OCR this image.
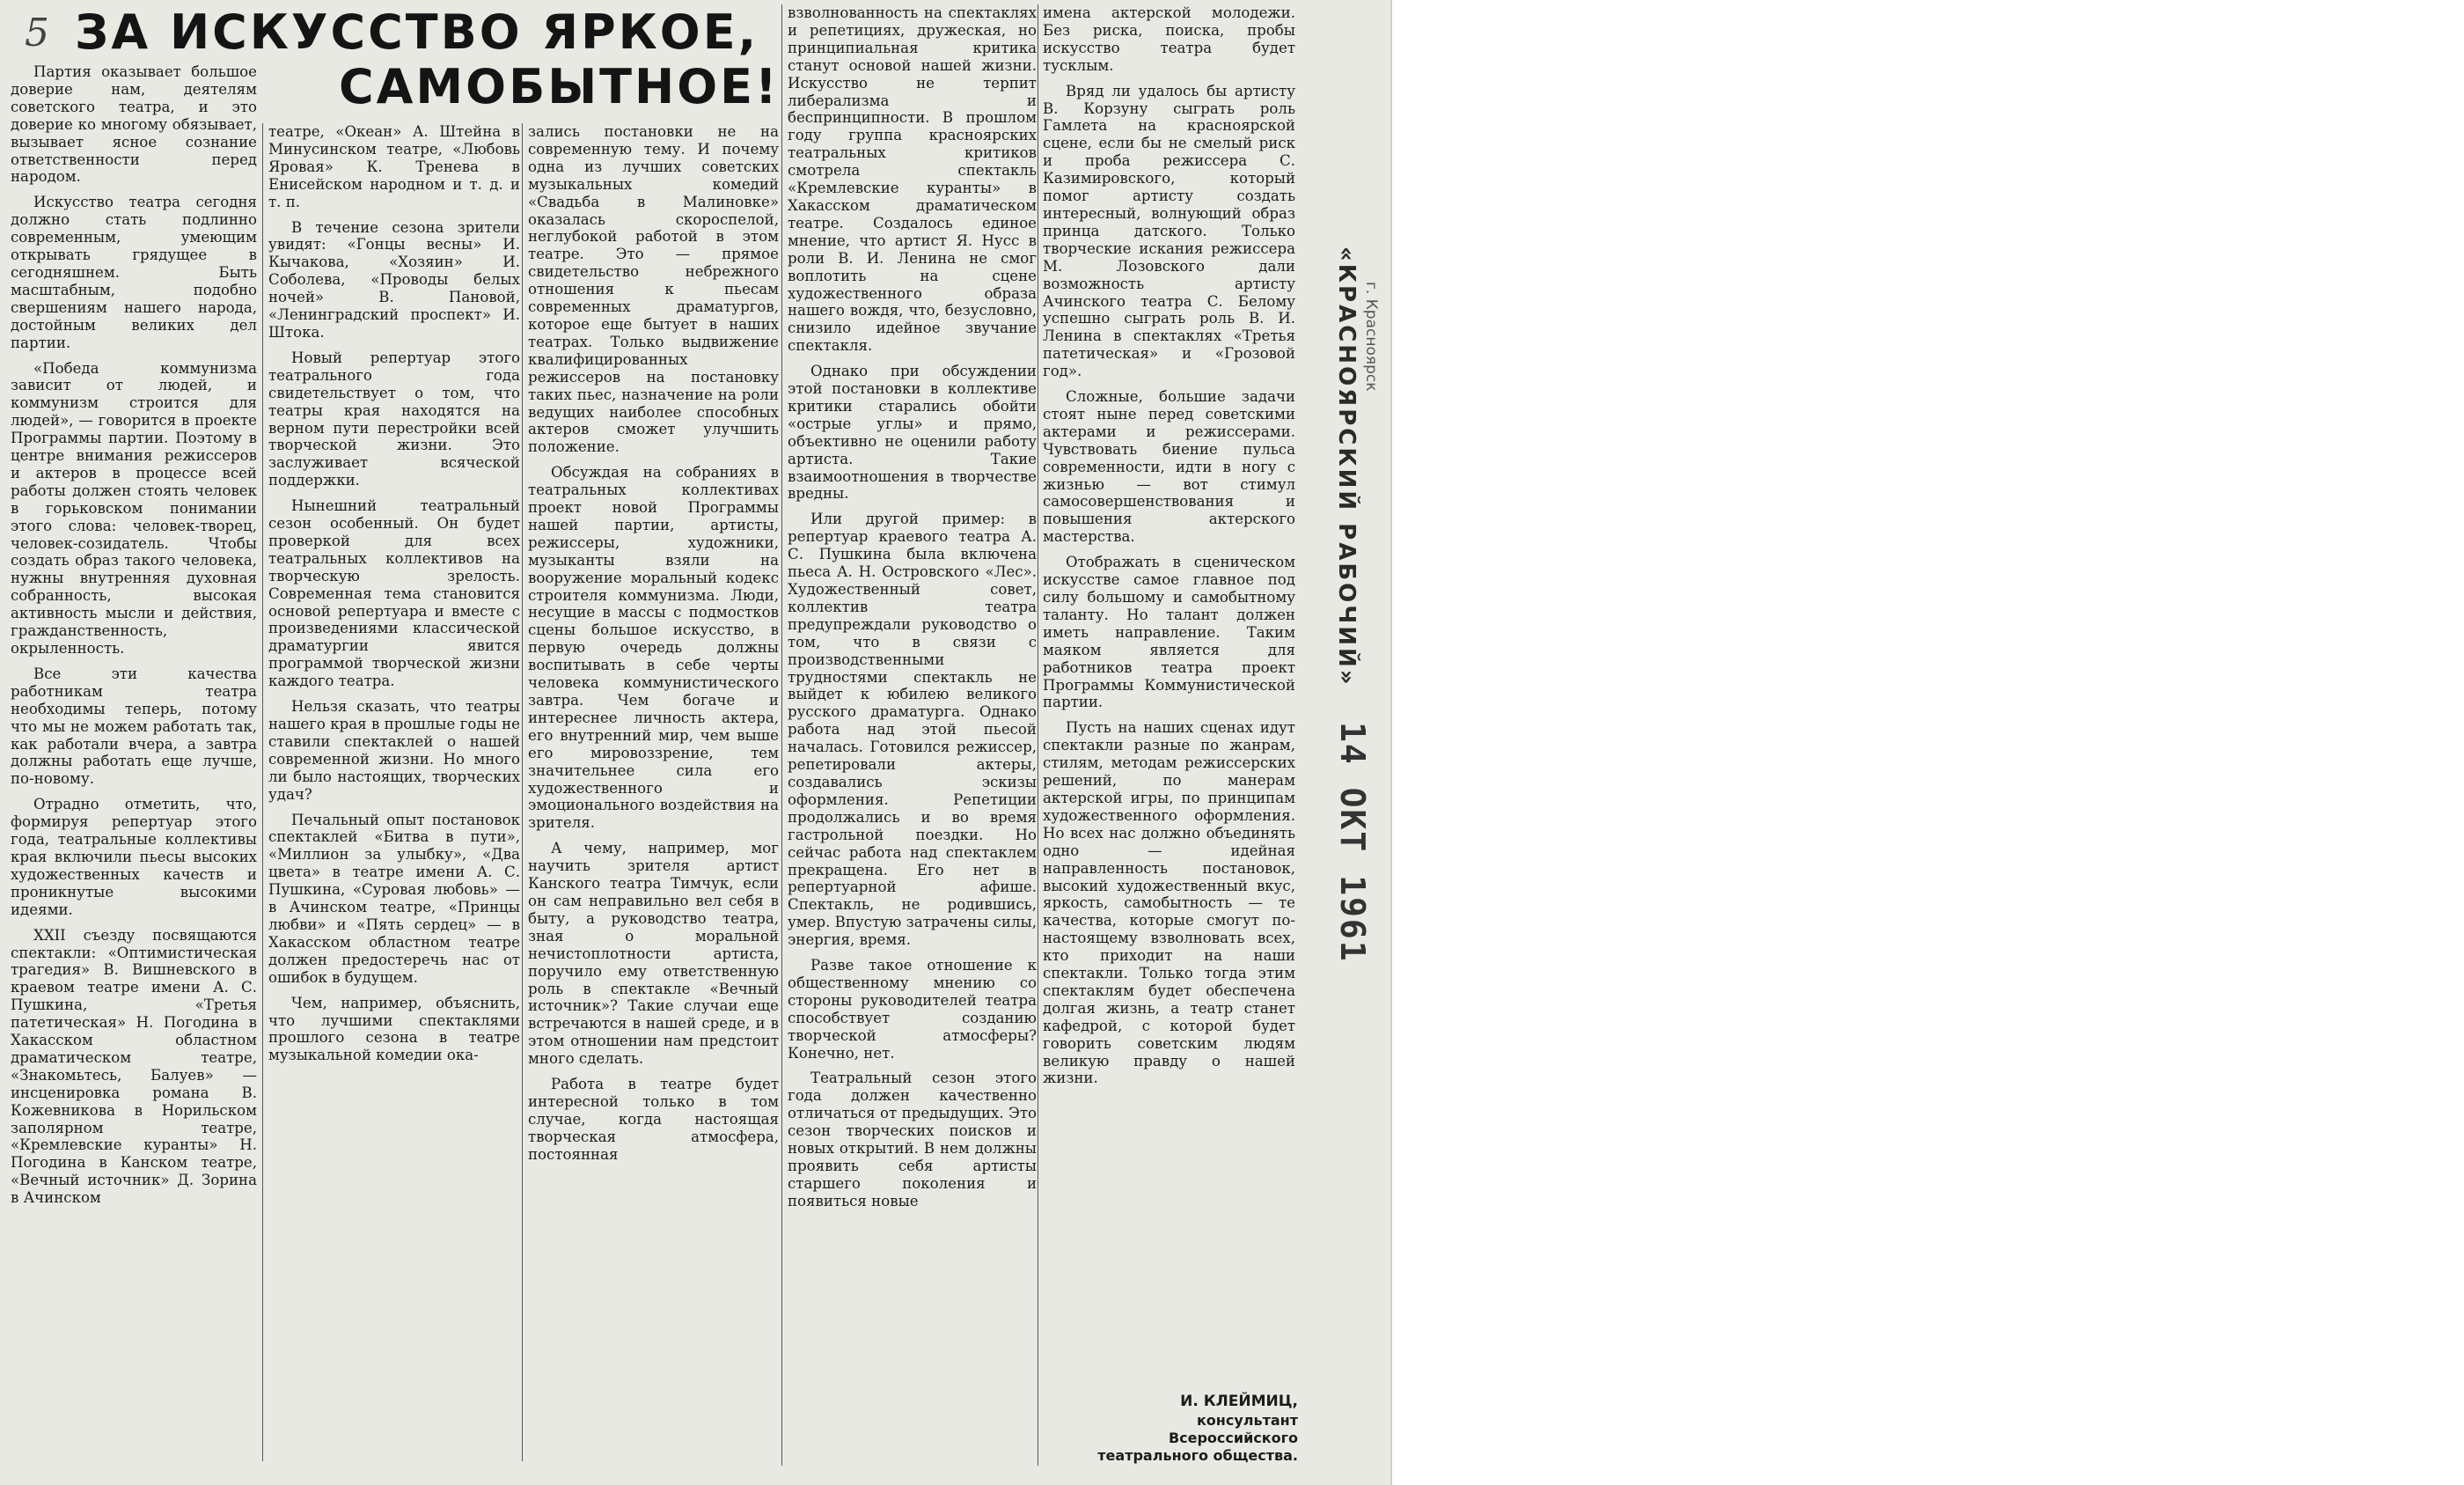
5 ЗА ИСКУССТВО ЯРКОЕ,
САМОБЫТНОЕ!

Партия оказывает большое доверие нам, деятелям советского театра, и это доверие ко многому обязывает, вызывает ясное сознание ответственности перед народом.

Искусство театра сегодня должно стать подлинно современным, умеющим открывать грядущее в сегодняшнем. Быть масштабным, подобно свершениям нашего народа, достойным великих дел партии.

«Победа коммунизма зависит от людей, и коммунизм строится для людей», — говорится в проекте Программы партии. Поэтому в центре внимания режиссеров и актеров в процессе всей работы должен стоять человек в горьковском понимании этого слова: человек-творец, человек-созидатель. Чтобы создать образ такого человека, нужны внутренняя духовная собранность, высокая активность мысли и действия, гражданственность, окрыленность.

Все эти качества работникам театра необходимы теперь, потому что мы не можем работать так, как работали вчера, а завтра должны работать еще лучше, по-новому.

Отрадно отметить, что, формируя репертуар этого года, театральные коллективы края включили пьесы высоких художественных качеств и проникнутые высокими идеями.

XXII съезду посвящаются спектакли: «Оптимистическая трагедия» В. Вишневского в краевом театре имени А. С. Пушкина, «Третья патетическая» Н. Погодина в Хакасском областном драматическом театре, «Знакомьтесь, Балуев» — инсценировка романа В. Кожевникова в Норильском заполярном театре, «Кремлевские куранты» Н. Погодина в Канском театре, «Вечный источник» Д. Зорина в Ачинском

театре, «Океан» А. Штейна в Минусинском театре, «Любовь Яровая» К. Тренева в Енисейском народном и т. д. и т. п.

В течение сезона зрители увидят: «Гонцы весны» И. Кычакова, «Хозяин» И. Соболева, «Проводы белых ночей» В. Пановой, «Ленинградский проспект» И. Штока.

Новый репертуар этого театрального года свидетельствует о том, что театры края находятся на верном пути перестройки всей творческой жизни. Это заслуживает всяческой поддержки.

Нынешний театральный сезон особенный. Он будет проверкой для всех театральных коллективов на творческую зрелость. Современная тема становится основой репертуара и вместе с произведениями классической драматургии явится программой творческой жизни каждого театра.

Нельзя сказать, что театры нашего края в прошлые годы не ставили спектаклей о нашей современной жизни. Но много ли было настоящих, творческих удач?

Печальный опыт постановок спектаклей «Битва в пути», «Миллион за улыбку», «Два цвета» в театре имени А. С. Пушкина, «Суровая любовь» — в Ачинском театре, «Принцы любви» и «Пять сердец» — в Хакасском областном театре должен предостеречь нас от ошибок в будущем.

Чем, например, объяснить, что лучшими спектаклями прошлого сезона в театре музыкальной комедии ока-

зались постановки не на современную тему. И почему одна из лучших советских музыкальных комедий «Свадьба в Малиновке» оказалась скороспелой, неглубокой работой в этом театре. Это — прямое свидетельство небрежного отношения к пьесам современных драматургов, которое еще бытует в наших театрах. Только выдвижение квалифицированных режиссеров на постановку таких пьес, назначение на роли ведущих наиболее способных актеров сможет улучшить положение.

Обсуждая на собраниях в театральных коллективах проект новой Программы нашей партии, артисты, режиссеры, художники, музыканты взяли на вооружение моральный кодекс строителя коммунизма. Люди, несущие в массы с подмостков сцены большое искусство, в первую очередь должны воспитывать в себе черты человека коммунистического завтра. Чем богаче и интереснее личность актера, его внутренний мир, чем выше его мировоззрение, тем значительнее сила его художественного и эмоционального воздействия на зрителя.

А чему, например, мог научить зрителя артист Канского театра Тимчук, если он сам неправильно вел себя в быту, а руководство театра, зная о моральной нечистоплотности артиста, поручило ему ответственную роль в спектакле «Вечный источник»? Такие случаи еще встречаются в нашей среде, и в этом отношении нам предстоит много сделать.

Работа в театре будет интересной только в том случае, когда настоящая творческая атмосфера, постоянная

взволнованность на спектаклях и репетициях, дружеская, но принципиальная критика станут основой нашей жизни. Искусство не терпит либерализма и беспринципности. В прошлом году группа красноярских театральных критиков смотрела спектакль «Кремлевские куранты» в Хакасском драматическом театре. Создалось единое мнение, что артист Я. Нусс в роли В. И. Ленина не смог воплотить на сцене художественного образа нашего вождя, что, безусловно, снизило идейное звучание спектакля.

Однако при обсуждении этой постановки в коллективе критики старались обойти «острые углы» и прямо, объективно не оценили работу артиста. Такие взаимоотношения в творчестве вредны.

Или другой пример: в репертуар краевого театра А. С. Пушкина была включена пьеса А. Н. Островского «Лес». Художественный совет, коллектив театра предупреждали руководство о том, что в связи с производственными трудностями спектакль не выйдет к юбилею великого русского драматурга. Однако работа над этой пьесой началась. Готовился режиссер, репетировали актеры, создавались эскизы оформления. Репетиции продолжались и во время гастрольной поездки. Но сейчас работа над спектаклем прекращена. Его нет в репертуарной афише. Спектакль, не родившись, умер. Впустую затрачены силы, энергия, время.

Разве такое отношение к общественному мнению со стороны руководителей театра способствует созданию творческой атмосферы? Конечно, нет.

Театральный сезон этого года должен качественно отличаться от предыдущих. Это сезон творческих поисков и новых открытий. В нем должны проявить себя артисты старшего поколения и появиться новые

имена актерской молодежи. Без риска, поиска, пробы искусство театра будет тусклым.

Вряд ли удалось бы артисту В. Корзуну сыграть роль Гамлета на красноярской сцене, если бы не смелый риск и проба режиссера С. Казимировского, который помог артисту создать интересный, волнующий образ принца датского. Только творческие искания режиссера М. Лозовского дали возможность артисту Ачинского театра С. Белому успешно сыграть роль В. И. Ленина в спектаклях «Третья патетическая» и «Грозовой год».

Сложные, большие задачи стоят ныне перед советскими актерами и режиссерами. Чувствовать биение пульса современности, идти в ногу с жизнью — вот стимул самосовершенствования и повышения актерского мастерства.

Отображать в сценическом искусстве самое главное под силу большому и самобытному таланту. Но талант должен иметь направление. Таким маяком является для работников театра проект Программы Коммунистической партии.

Пусть на наших сценах идут спектакли разные по жанрам, стилям, методам режиссерских решений, по манерам актерской игры, по принципам художественного оформления. Но всех нас должно объединять одно — идейная направленность постановок, высокий художественный вкус, яркость, самобытность — те качества, которые смогут по-настоящему взволновать всех, кто приходит на наши спектакли. Только тогда этим спектаклям будет обеспечена долгая жизнь, а театр станет кафедрой, с которой будет говорить советским людям великую правду о нашей жизни.

И. КЛЕЙМИЦ,
консультант Всероссийского театрального общества.
«КРАСНОЯРСКИЙ РАБОЧИЙ» г. Красноярск
14 ОКТ 1961
